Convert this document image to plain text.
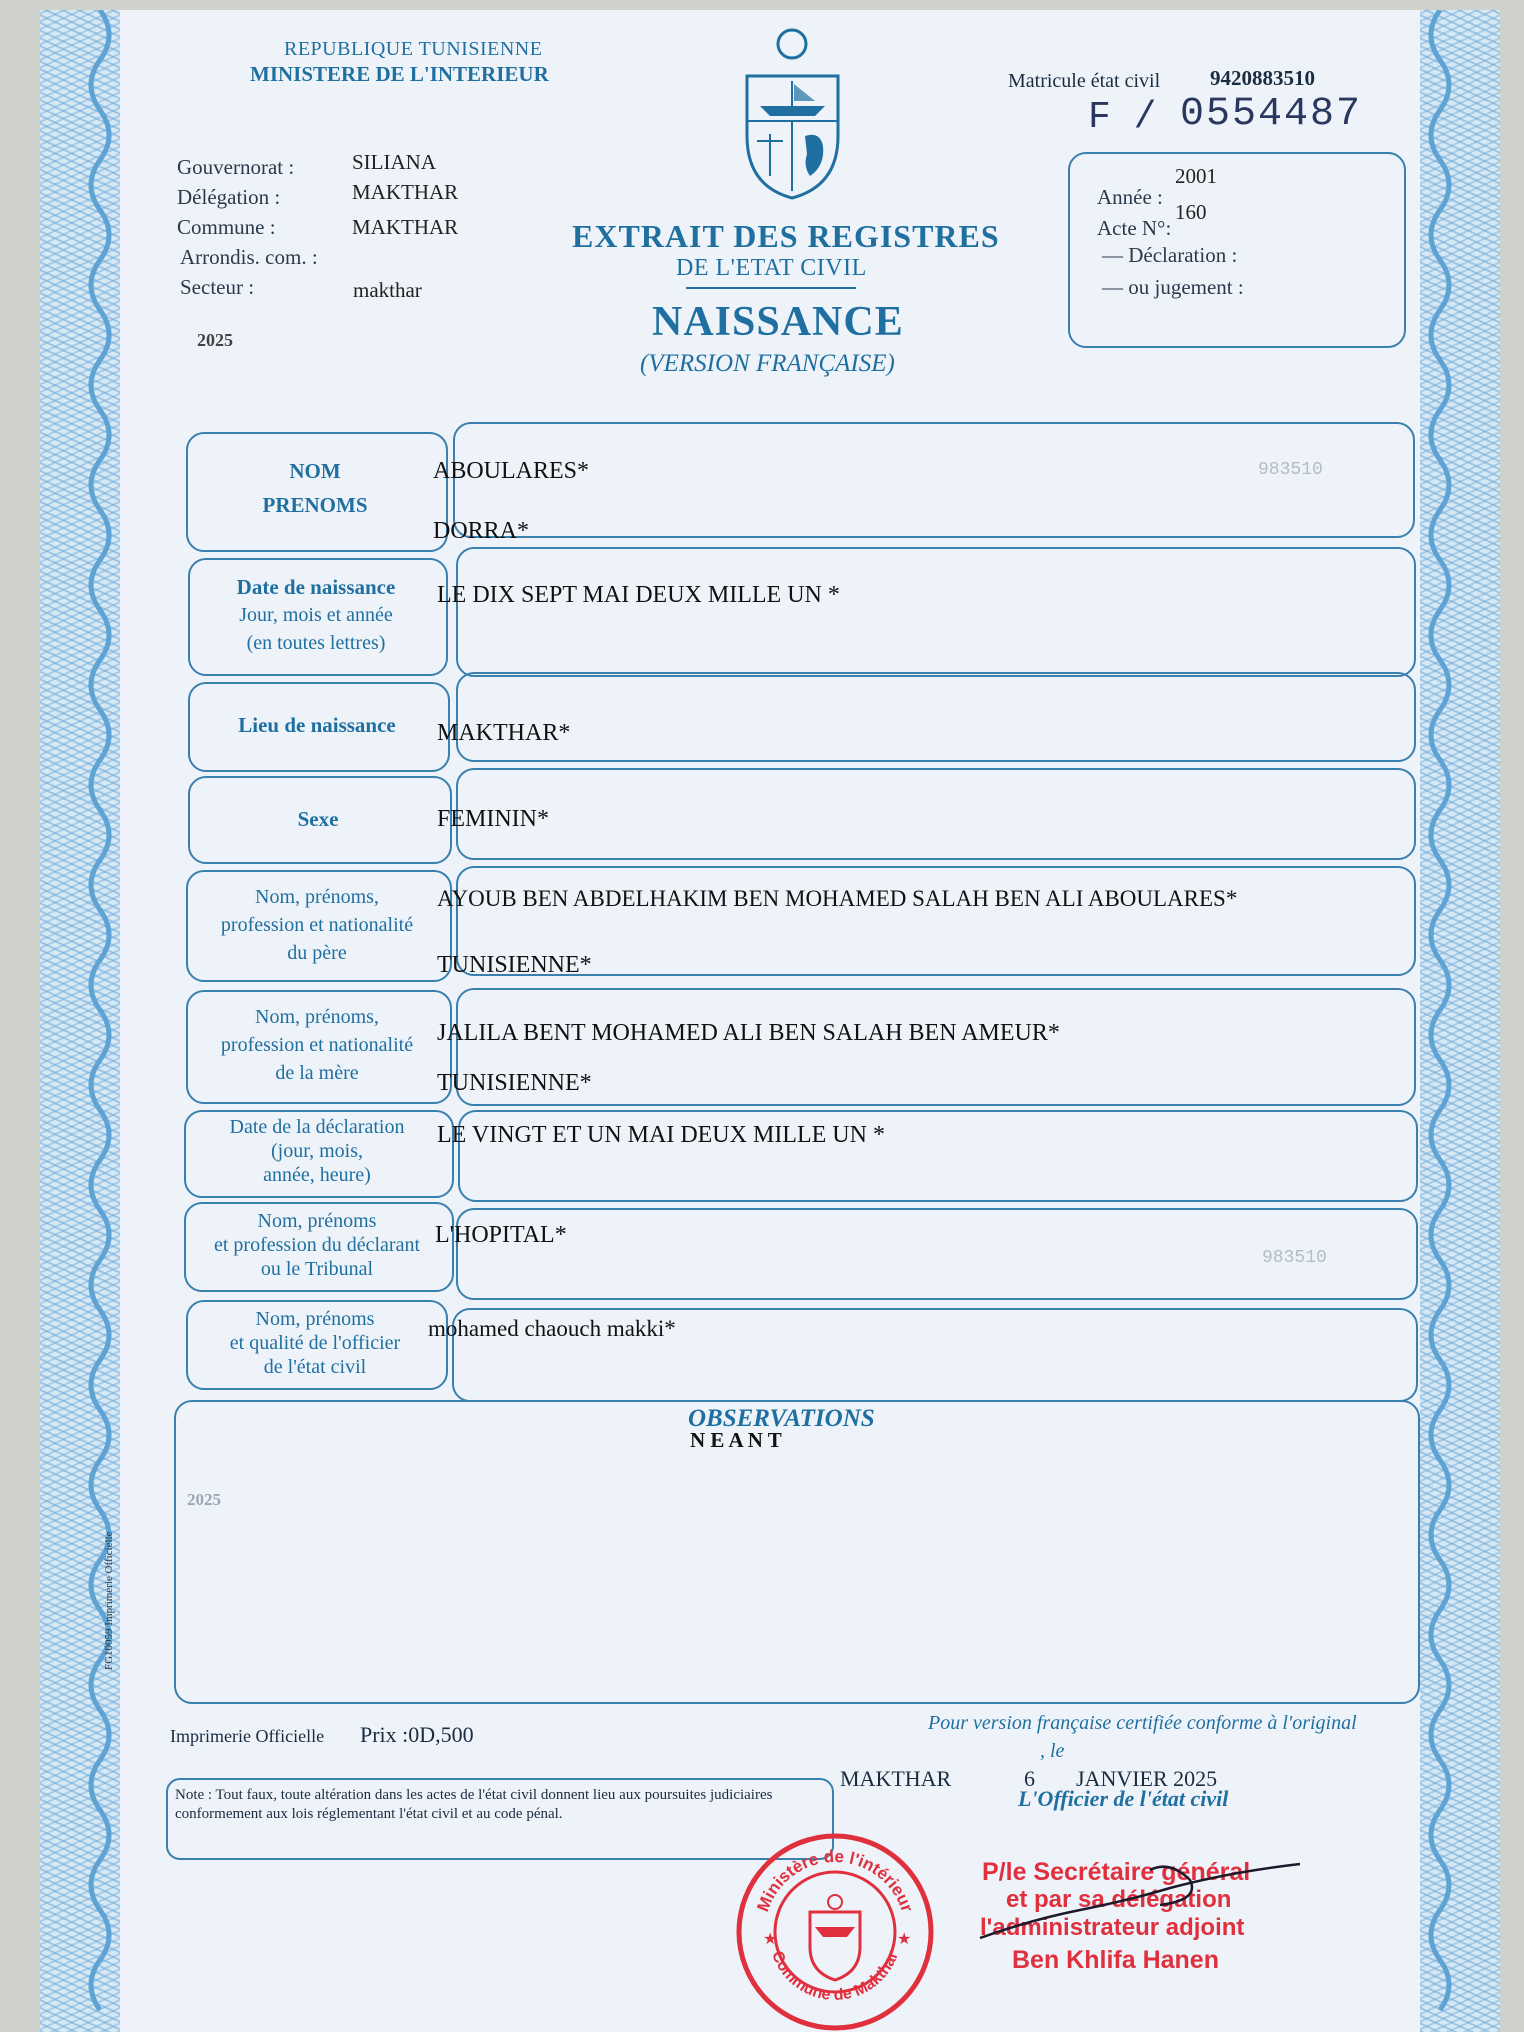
REPUBLIQUE TUNISIENNE
MINISTERE DE L'INTERIEUR	Matricule état civil 9420883510
F / 0554487
Gouvernorat :	SILIANA
Délégation :	MAKTHAR
Commune :	MAKTHAR
Arrondis. com. :
Secteur :	makthar
2025
EXTRAIT DES REGISTRES
DE L'ETAT CIVIL
NAISSANCE
(VERSION FRANÇAISE)
Année :
2001
Acte N°:
160
— Déclaration :
— ou jugement :
NOM
PRENOMS
ABOULARES*
DORRA*
983510
Date de naissance
Jour, mois et année
(en toutes lettres)
LE DIX SEPT MAI DEUX MILLE UN *
Lieu de naissance	MAKTHAR*
Sexe	FEMININ*
Nom, prénoms,
profession et nationalité
du père
AYOUB BEN ABDELHAKIM BEN MOHAMED SALAH BEN ALI ABOULARES*
TUNISIENNE*
Nom, prénoms,
profession et nationalité
de la mère
JALILA BENT MOHAMED ALI BEN SALAH BEN AMEUR*
TUNISIENNE*
Date de la déclaration
(jour, mois,
année, heure)
LE VINGT ET UN MAI DEUX MILLE UN *
Nom, prénoms
et profession du déclarant
ou le Tribunal
L'HOPITAL*
983510
Nom, prénoms
et qualité de l'officier
de l'état civil
mohamed chaouch makki*
OBSERVATIONS
N E A N T
2025
FG10059 Imprimerie Officielle
Imprimerie Officielle Prix :0D,500	Pour version française certifiée conforme à l'original
, le
MAKTHAR	6 JANVIER 2025
L'Officier de l'état civil
Note : Tout faux, toute altération dans les actes de l'état civil donnent lieu aux poursuites judiciaires conformement aux lois réglementant l'état civil et au code pénal.
Ministère de l'intérieur
Commune de Makthar
★	★
P/le Secrétaire général
et par sa délégation
l'administrateur adjoint
Ben Khlifa Hanen
